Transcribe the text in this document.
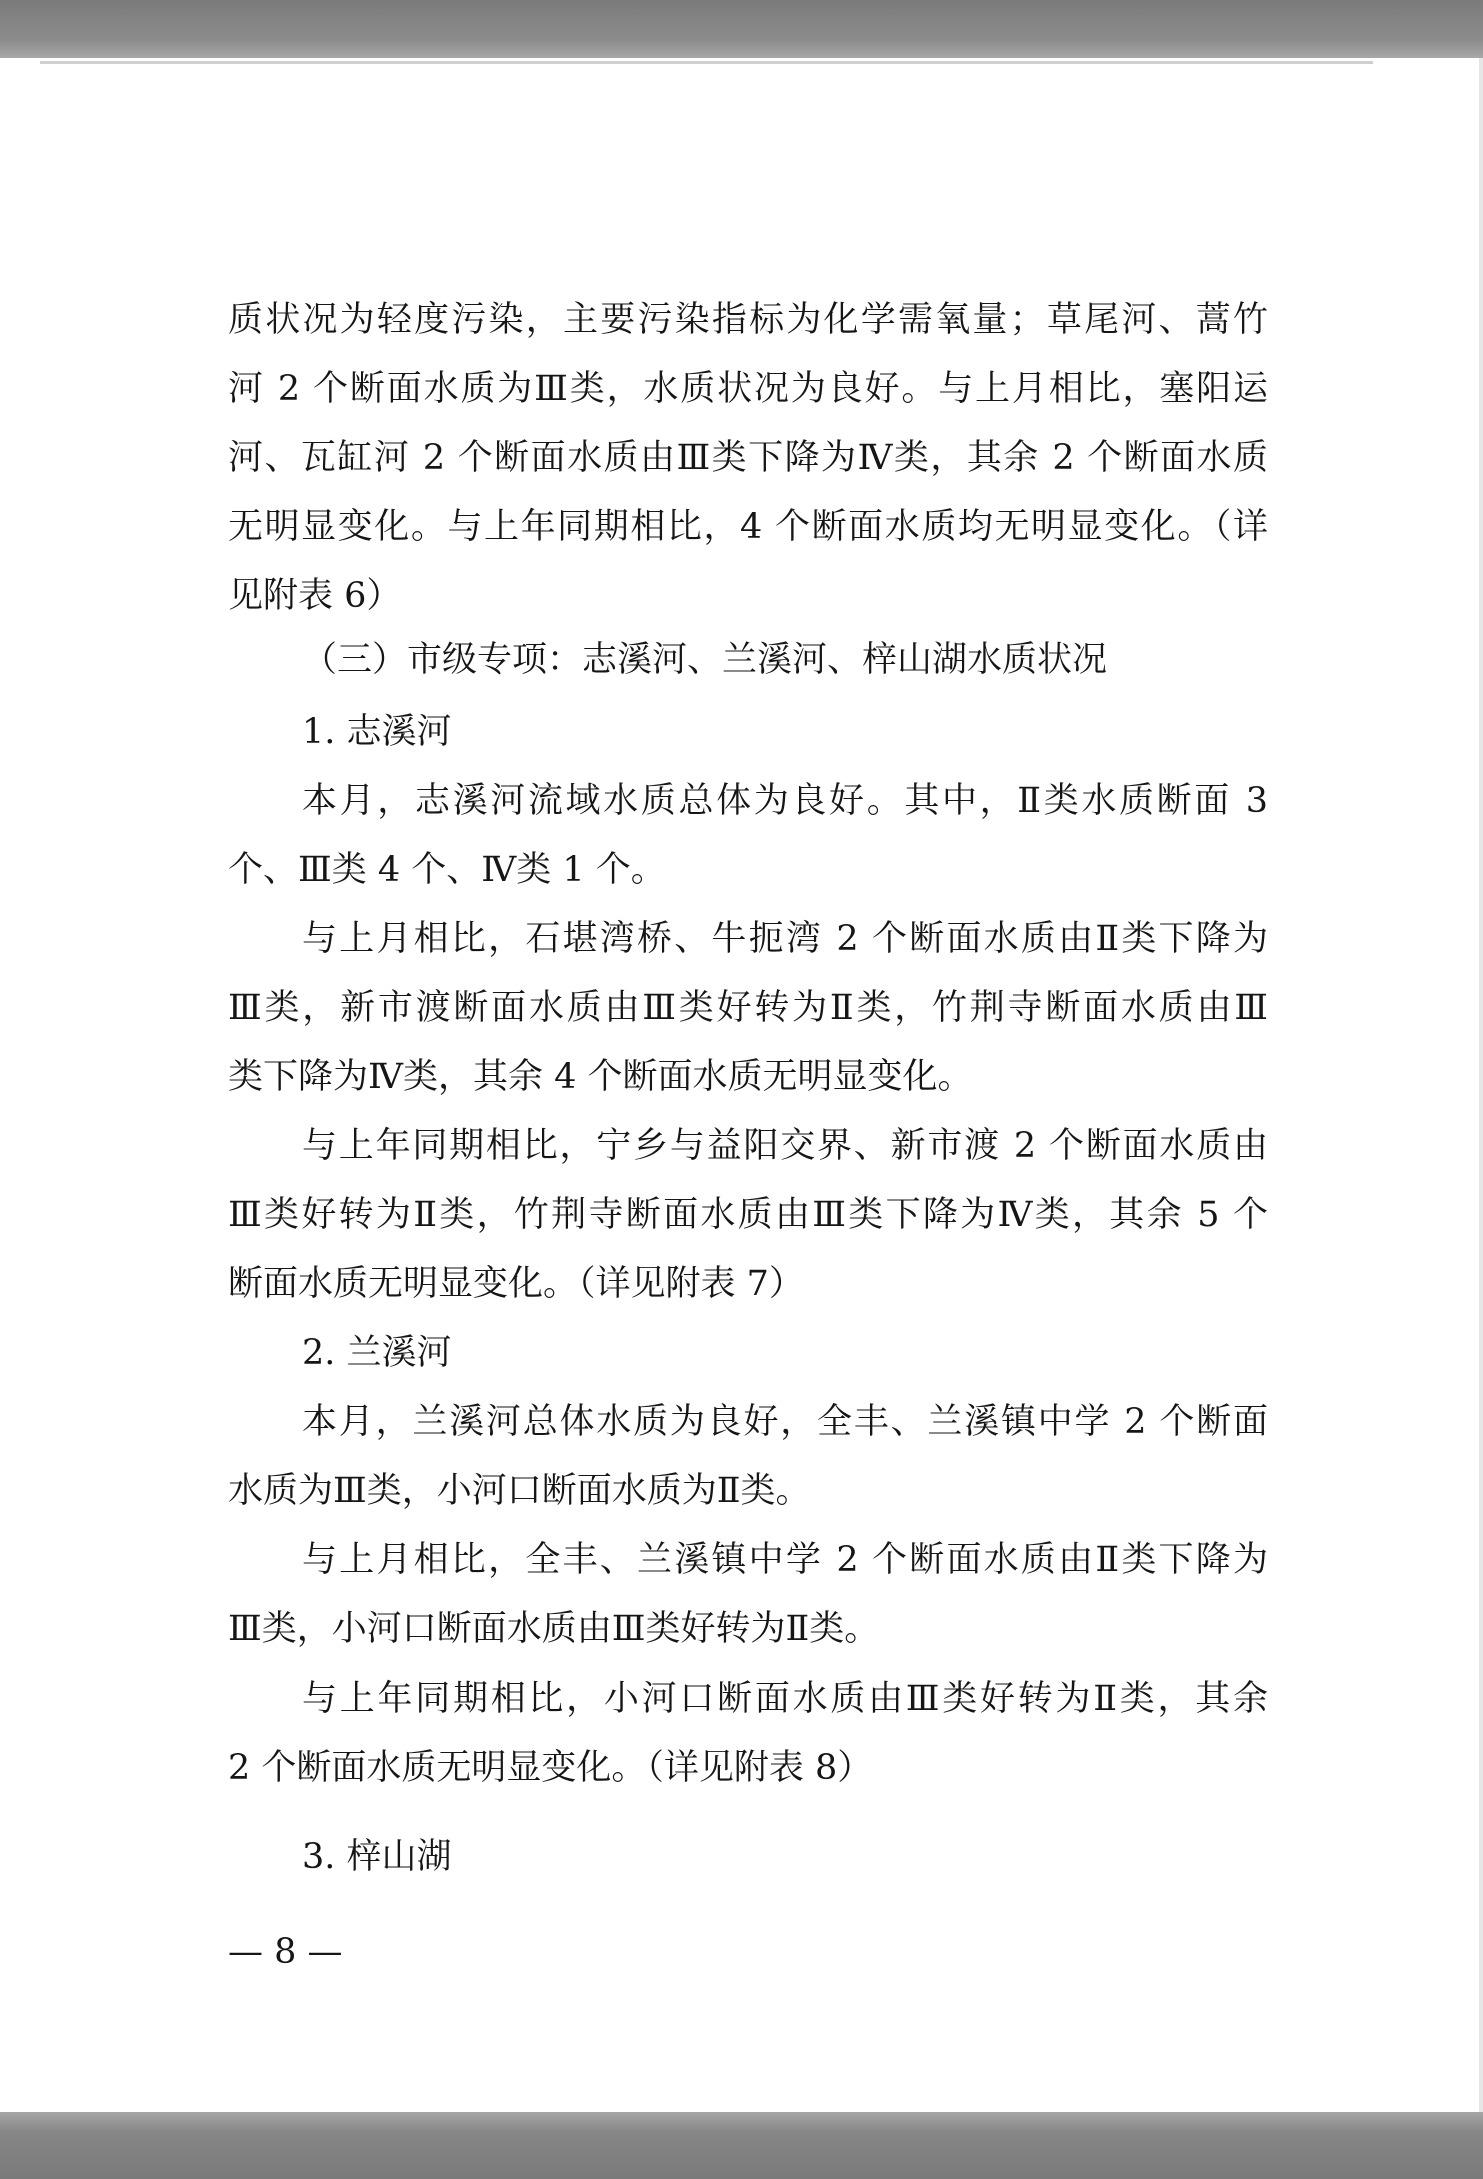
质状况为轻度污染，主要污染指标为化学需氧量；草尾河、蒿竹
河 2 个断面水质为Ⅲ类，水质状况为良好。与上月相比，塞阳运
河、瓦缸河 2 个断面水质由Ⅲ类下降为Ⅳ类，其余 2 个断面水质
无明显变化。与上年同期相比，4 个断面水质均无明显变化。（详
见附表 6）
（三）市级专项：志溪河、兰溪河、梓山湖水质状况
1. 志溪河
本月，志溪河流域水质总体为良好。其中，Ⅱ类水质断面 3
个、Ⅲ类 4 个、Ⅳ类 1 个。
与上月相比，石堪湾桥、牛扼湾 2 个断面水质由Ⅱ类下降为
Ⅲ类，新市渡断面水质由Ⅲ类好转为Ⅱ类，竹荆寺断面水质由Ⅲ
类下降为Ⅳ类，其余 4 个断面水质无明显变化。
与上年同期相比，宁乡与益阳交界、新市渡 2 个断面水质由
Ⅲ类好转为Ⅱ类，竹荆寺断面水质由Ⅲ类下降为Ⅳ类，其余 5 个
断面水质无明显变化。（详见附表 7）
2. 兰溪河
本月，兰溪河总体水质为良好，全丰、兰溪镇中学 2 个断面
水质为Ⅲ类，小河口断面水质为Ⅱ类。
与上月相比，全丰、兰溪镇中学 2 个断面水质由Ⅱ类下降为
Ⅲ类，小河口断面水质由Ⅲ类好转为Ⅱ类。
与上年同期相比，小河口断面水质由Ⅲ类好转为Ⅱ类，其余
2 个断面水质无明显变化。（详见附表 8）
3. 梓山湖
— 8 —
